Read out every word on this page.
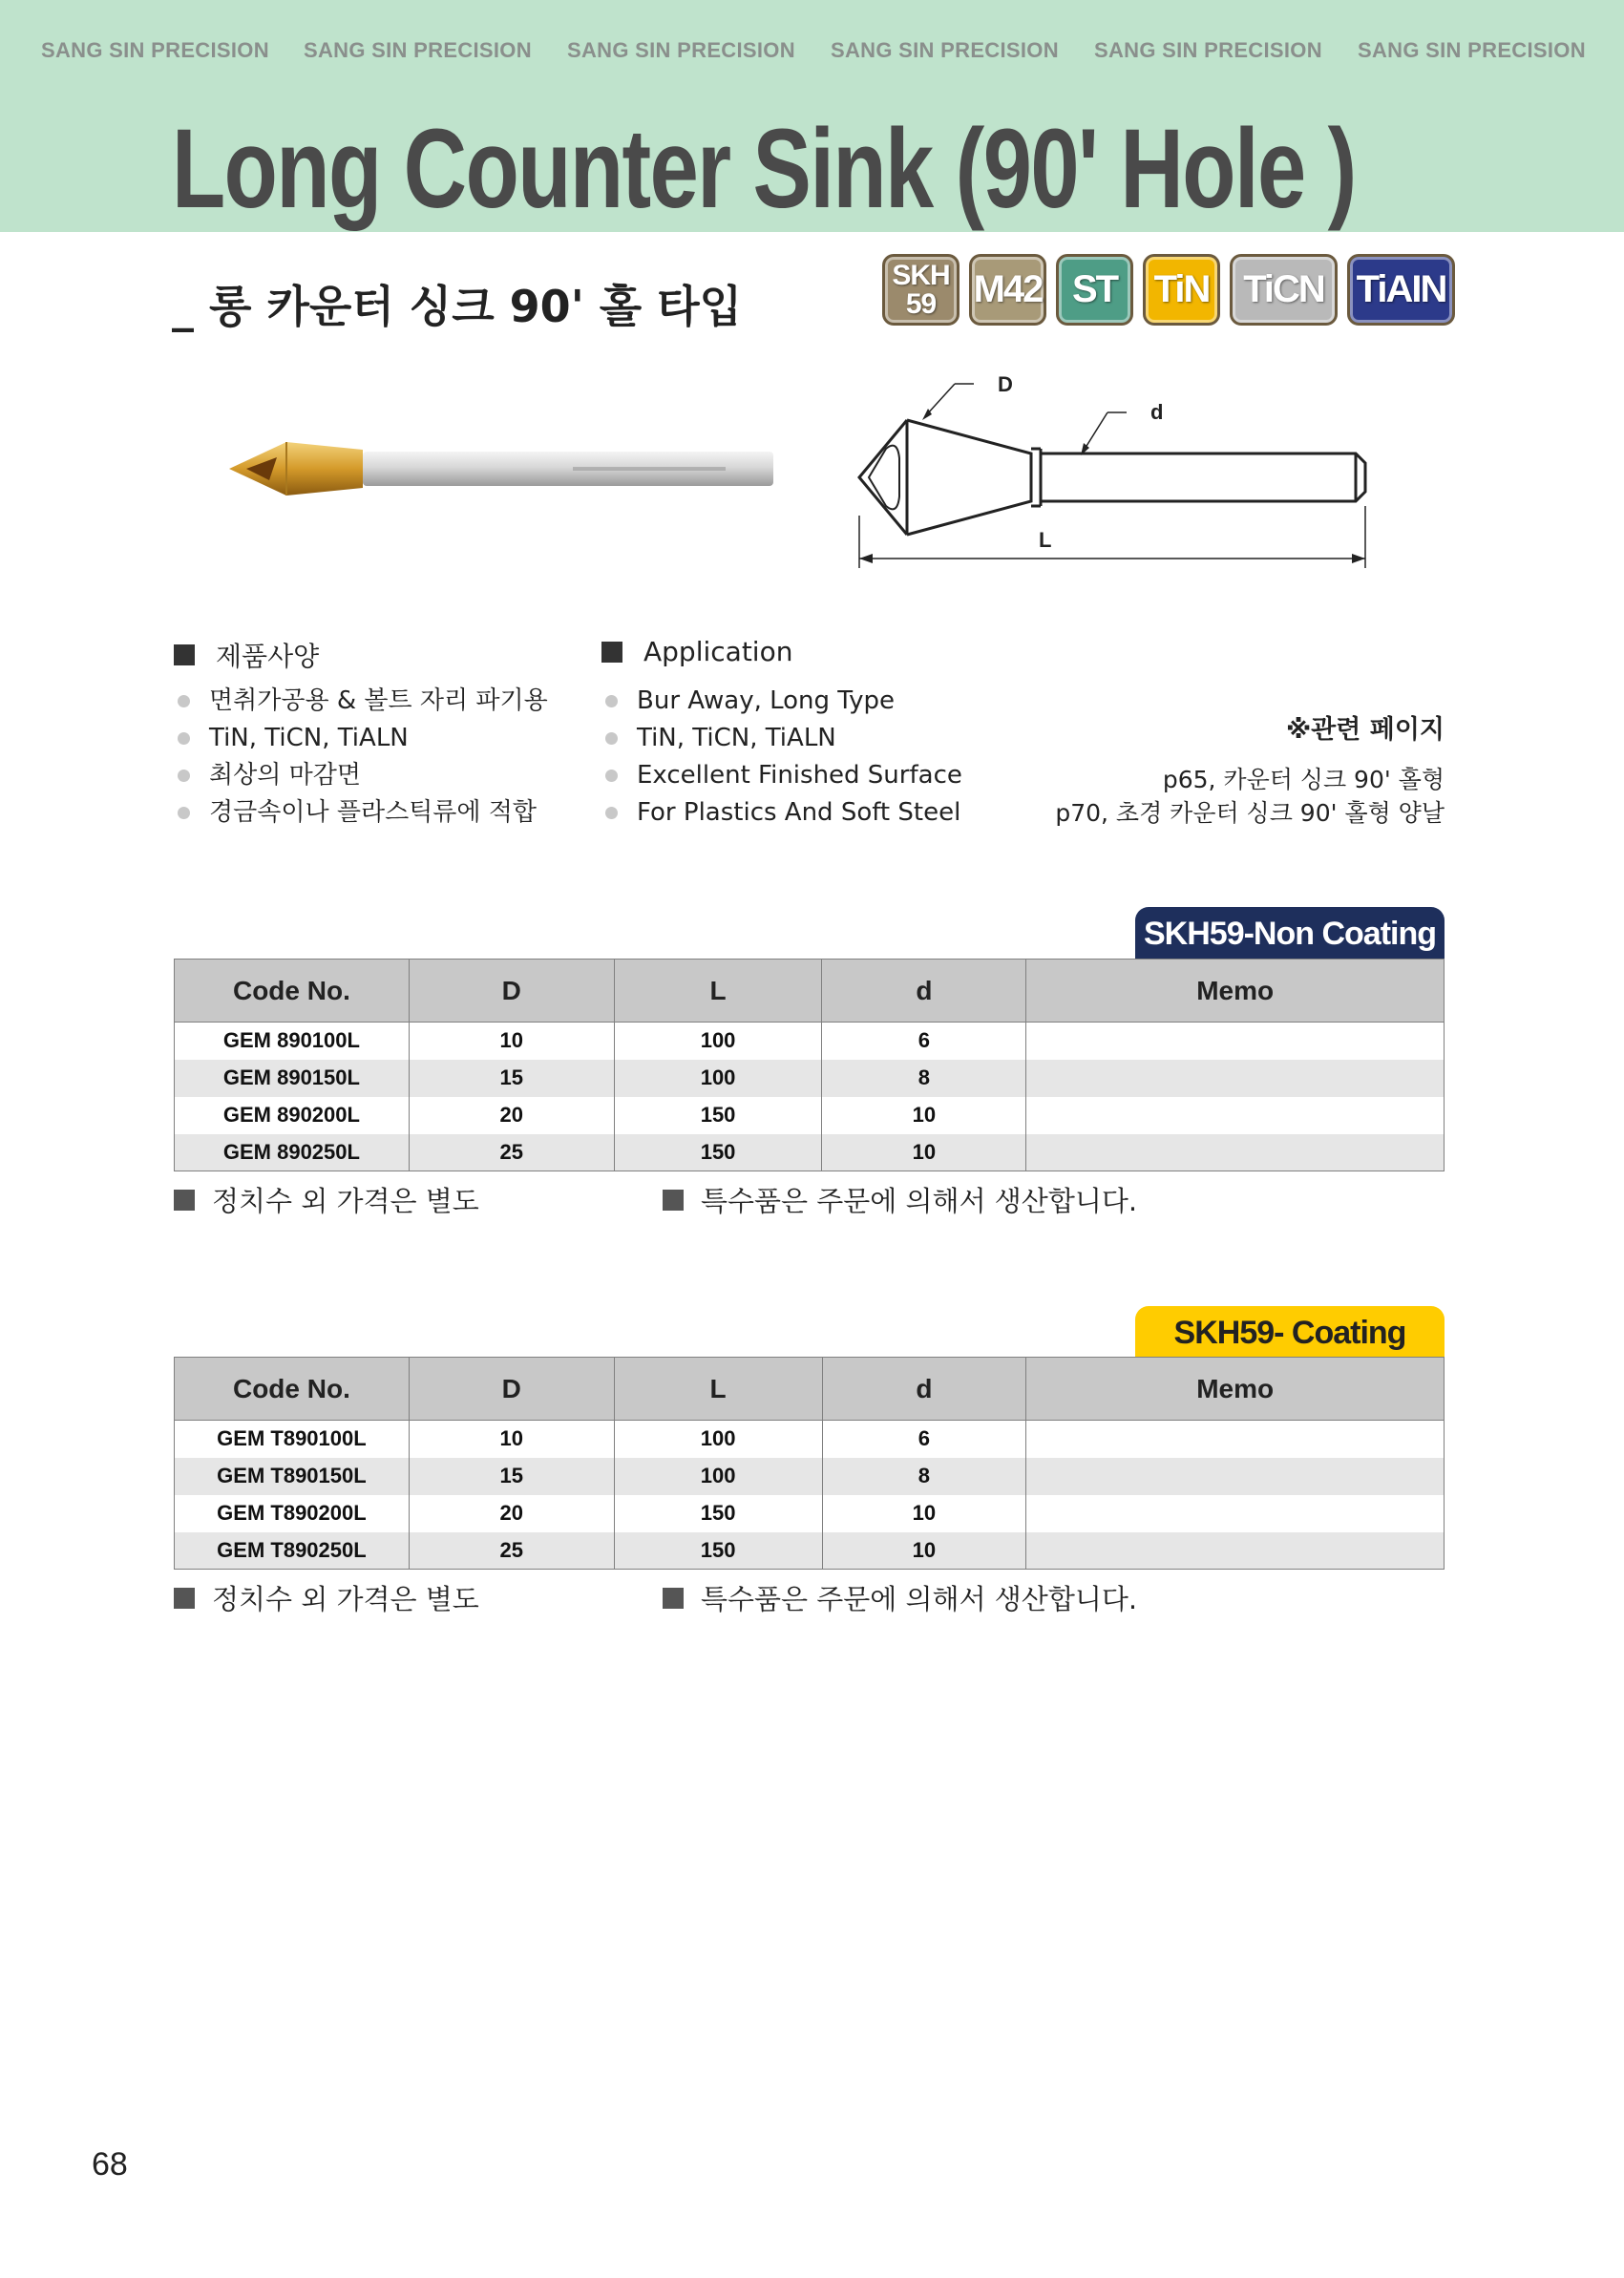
SANG SIN PRECISION SANG SIN PRECISION SANG SIN PRECISION SANG SIN PRECISION SANG SIN PRECISION SANG SIN PRECISION
Long Counter Sink (90' Hole )
_ 롱 카운터 싱크 90' 홀 타입
SKH
59 M42 ST TiN TiCN TiAIN
D
d
L
제품사양
면취가공용 & 볼트 자리 파기용
TiN, TiCN, TiALN
최상의 마감면
경금속이나 플라스틱류에 적합
Application
Bur Away, Long Type
TiN, TiCN, TiALN
Excellent Finished Surface
For Plastics And Soft Steel
※관련 페이지
p65, 카운터 싱크 90' 홀형
p70, 초경 카운터 싱크 90' 홀형 양날
SKH59-Non Coating
Code No.	D	L	d	Memo
GEM 890100L	10	100	6	
GEM 890150L	15	100	8	
GEM 890200L	20	150	10	
GEM 890250L	25	150	10	
정치수 외 가격은 별도	특수품은 주문에 의해서 생산합니다.
SKH59- Coating
Code No.	D	L	d	Memo
GEM T890100L	10	100	6	
GEM T890150L	15	100	8	
GEM T890200L	20	150	10	
GEM T890250L	25	150	10	
정치수 외 가격은 별도	특수품은 주문에 의해서 생산합니다.
68
